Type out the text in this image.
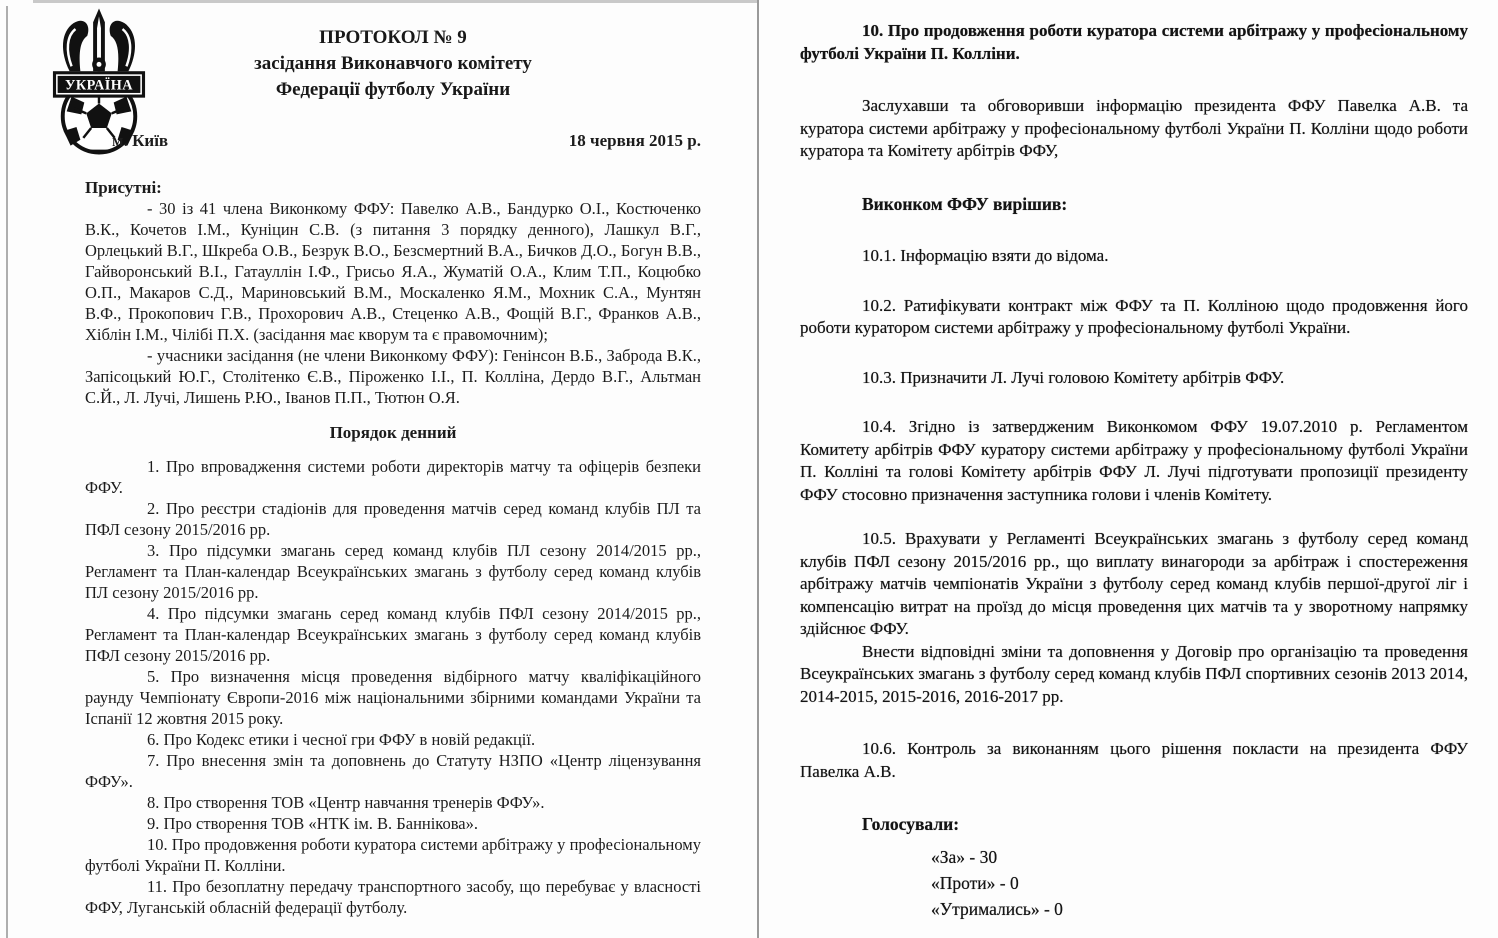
УКРАЇНА
ПРОТОКОЛ № 9
засідання Виконавчого комітету
Федерації футболу України
м. Київ	18 червня 2015 р.
Присутні:

- 30 із 41 члена Виконкому ФФУ: Павелко А.В., Бандурко О.І., Костюченко В.К., Кочетов І.М., Куніцин С.В. (з питання 3 порядку денного), Лашкул В.Г., Орлецький В.Г., Шкреба О.В., Безрук В.О., Безсмертний В.А., Бичков Д.О., Богун В.В., Гайворонський В.І., Гатауллін І.Ф., Грисьо Я.А., Жуматій О.А., Клим Т.П., Коцюбко О.П., Макаров С.Д., Мариновський В.М., Москаленко Я.М., Мохник С.А., Мунтян В.Ф., Прокопович Г.В., Прохорович А.В., Стеценко А.В., Фощій В.Г., Франков А.В., Хіблін І.М., Чілібі П.Х. (засідання має кворум та є правомочним);

- учасники засідання (не члени Виконкому ФФУ): Генінсон В.Б., Заброда В.К., Запісоцький Ю.Г., Столітенко Є.В., Піроженко І.І., П. Колліна, Дердо В.Г., Альтман С.Й., Л. Лучі, Лишень Р.Ю., Іванов П.П., Тютюн О.Я.

Порядок денний

1. Про впровадження системи роботи директорів матчу та офіцерів безпеки ФФУ.

2. Про реєстри стадіонів для проведення матчів серед команд клубів ПЛ та ПФЛ сезону 2015/2016 рр.

3. Про підсумки змагань серед команд клубів ПЛ сезону 2014/2015 рр., Регламент та План-календар Всеукраїнських змагань з футболу серед команд клубів ПЛ сезону 2015/2016 рр.

4. Про підсумки змагань серед команд клубів ПФЛ сезону 2014/2015 рр., Регламент та План-календар Всеукраїнських змагань з футболу серед команд клубів ПФЛ сезону 2015/2016 рр.

5. Про визначення місця проведення відбірного матчу кваліфікаційного раунду Чемпіонату Європи-2016 між національними збірними командами України та Іспанії 12 жовтня 2015 року.

6. Про Кодекс етики і чесної гри ФФУ в новій редакції.

7. Про внесення змін та доповнень до Статуту НЗПО «Центр ліцензування ФФУ».

8. Про створення ТОВ «Центр навчання тренерів ФФУ».

9. Про створення ТОВ «НТК ім. В. Баннікова».

10. Про продовження роботи куратора системи арбітражу у професіональному футболі України П. Колліни.

11. Про безоплатну передачу транспортного засобу, що перебуває у власності ФФУ, Луганській обласній федерації футболу.

10. Про продовження роботи куратора системи арбітражу у професіональному футболі України П. Колліни.

Заслухавши та обговоривши інформацію президента ФФУ Павелка А.В. та куратора системи арбітражу у професіональному футболі України П. Колліни щодо роботи куратора та Комітету арбітрів ФФУ,

Виконком ФФУ вирішив:

10.1. Інформацію взяти до відома.

10.2. Ратифікувати контракт між ФФУ та П. Колліною щодо продовження його роботи куратором системи арбітражу у професіональному футболі України.

10.3. Призначити Л. Лучі головою Комітету арбітрів ФФУ.

10.4. Згідно із затвердженим Виконкомом ФФУ 19.07.2010 р. Регламентом Комитету арбітрів ФФУ куратору системи арбітражу у професіональному футболі України П. Колліні та голові Комітету арбітрів ФФУ Л. Лучі підготувати пропозиції президенту ФФУ стосовно призначення заступника голови і членів Комітету.

10.5. Врахувати у Регламенті Всеукраїнських змагань з футболу серед команд клубів ПФЛ сезону 2015/2016 рр., що виплату винагороди за арбітраж і спостереження арбітражу матчів чемпіонатів України з футболу серед команд клубів першої-другої ліг і компенсацію витрат на проїзд до місця проведення цих матчів та у зворотному напрямку здійснює ФФУ.

Внести відповідні зміни та доповнення у Договір про організацію та проведення Всеукраїнських змагань з футболу серед команд клубів ПФЛ спортивних сезонів 2013 2014, 2014-2015, 2015-2016, 2016-2017 рр.

10.6. Контроль за виконанням цього рішення покласти на президента ФФУ Павелка А.В.

Голосували:
«За» - 30
«Проти» - 0
«Утримались» - 0
